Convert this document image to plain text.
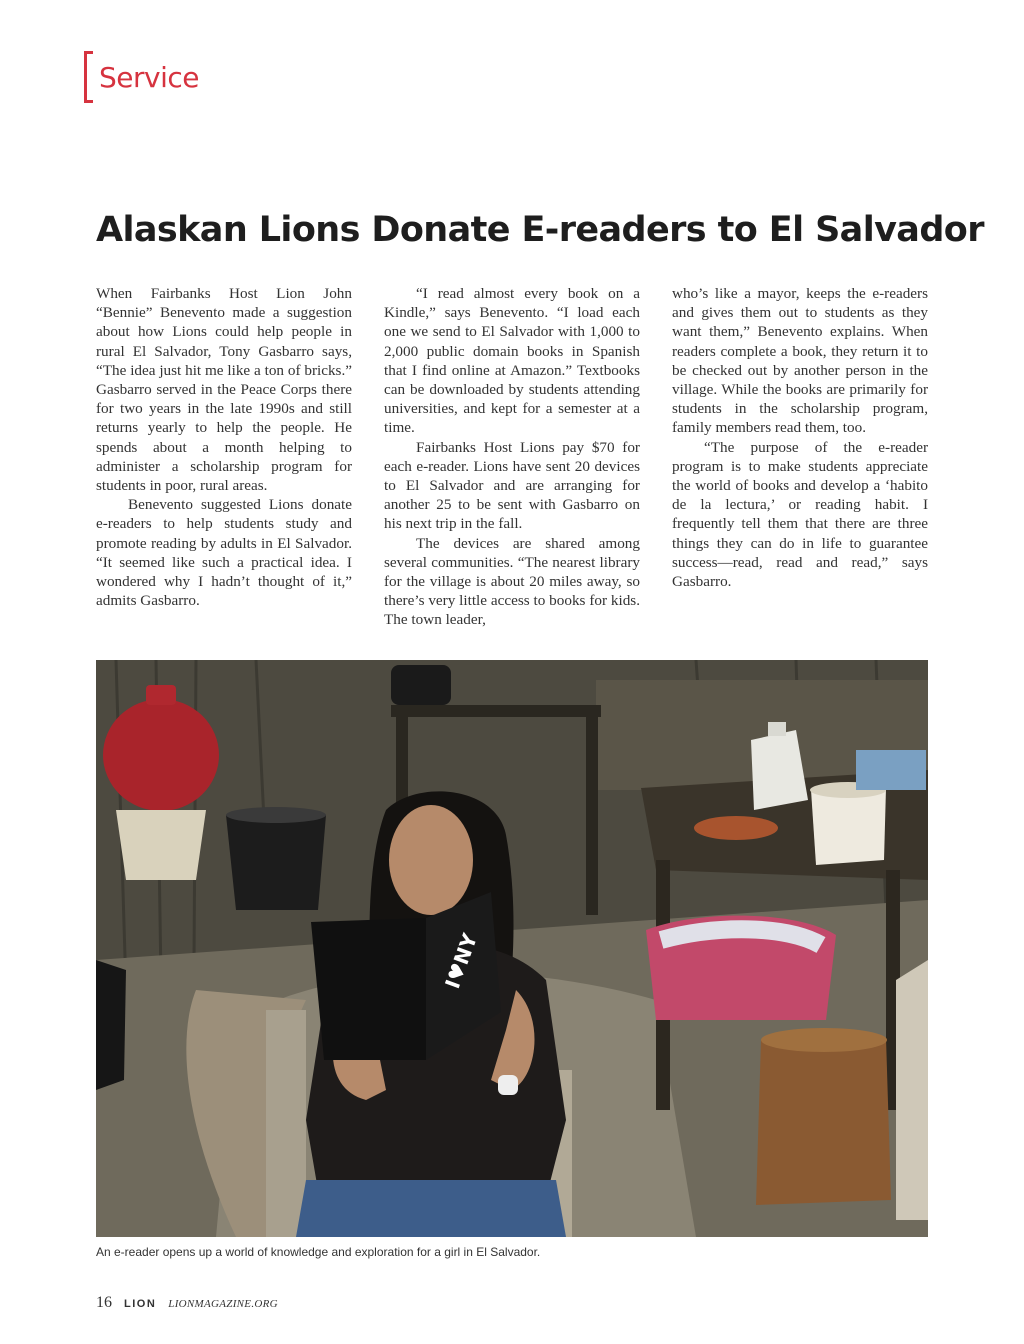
Service
Alaskan Lions Donate E-readers to El Salvador

When Fairbanks Host Lion John “Bennie” Benevento made a suggestion about how Lions could help people in rural El Salvador, Tony Gasbarro says, “The idea just hit me like a ton of bricks.” Gasbarro served in the Peace Corps there for two years in the late 1990s and still returns yearly to help the people. He spends about a month helping to administer a scholarship program for students in poor, rural areas.

Benevento suggested Lions donate e-readers to help students study and promote reading by adults in El Salvador. “It seemed like such a practical idea. I wondered why I hadn’t thought of it,” admits Gasbarro.

“I read almost every book on a Kindle,” says Benevento. “I load each one we send to El Salvador with 1,000 to 2,000 public domain books in Spanish that I find online at Amazon.” Textbooks can be downloaded by students attending universities, and kept for a semester at a time.

Fairbanks Host Lions pay $70 for each e-reader. Lions have sent 20 devices to El Salvador and are arranging for another 25 to be sent with Gasbarro on his next trip in the fall.

The devices are shared among several communities. “The nearest library for the village is about 20 miles away, so there’s very little access to books for kids. The town leader,

who’s like a mayor, keeps the e-readers and gives them out to students as they want them,” Benevento explains. When readers complete a book, they return it to be checked out by another person in the village. While the books are primarily for students in the scholarship program, family members read them, too.

“The purpose of the e-reader program is to make students appreciate the world of books and develop a ‘habito de la lectura,’ or reading habit. I frequently tell them that there are three things they can do in life to guarantee success—read, read and read,” says Gasbarro.

I♥NY
An e-reader opens up a world of knowledge and exploration for a girl in El Salvador.
16 LION LIONMAGAZINE.ORG
